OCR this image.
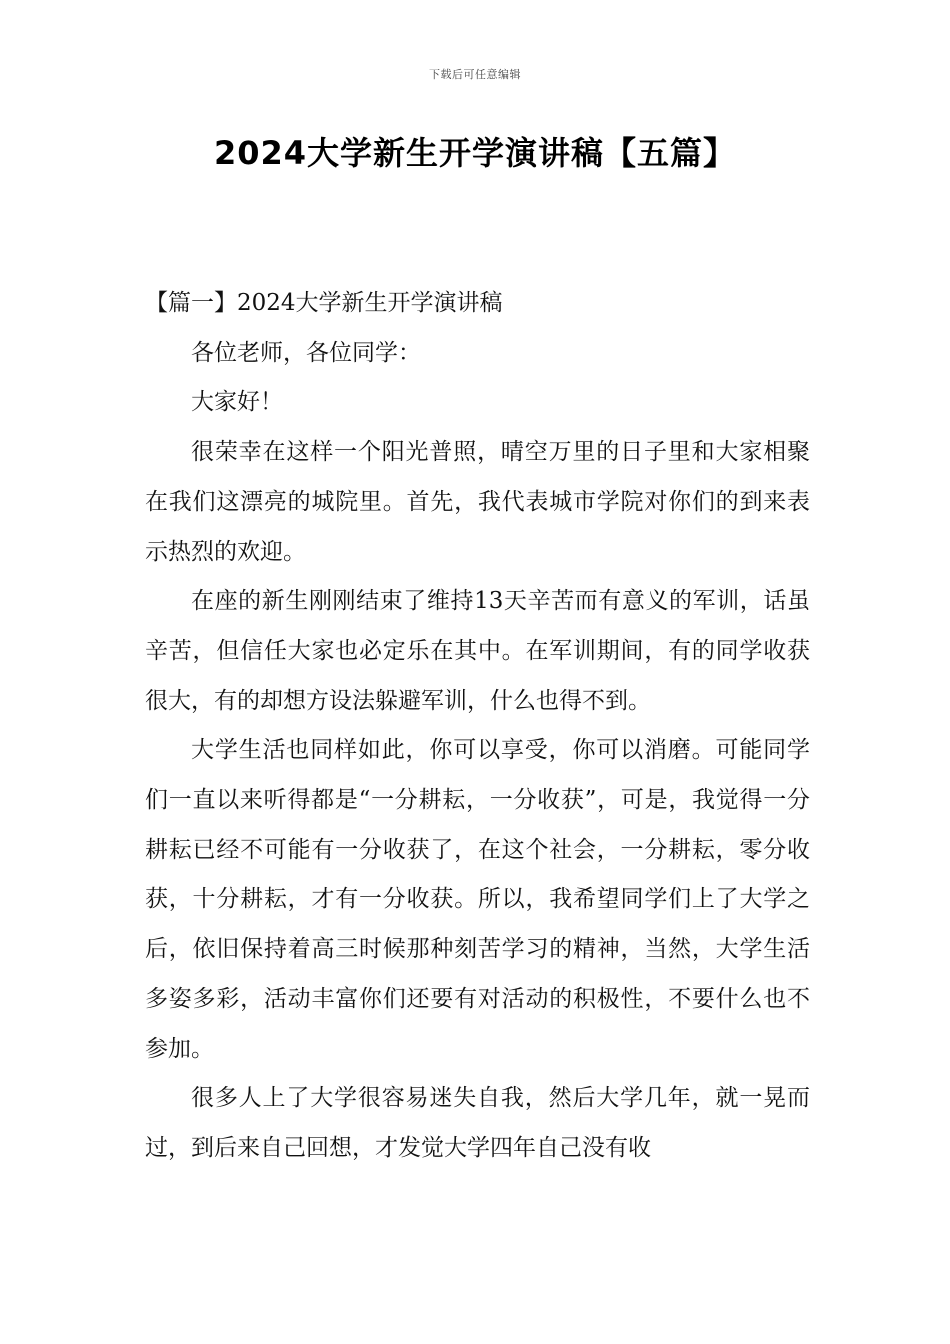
下载后可任意编辑
2024大学新生开学演讲稿【五篇】

【篇一】2024大学新生开学演讲稿

各位老师，各位同学：

大家好！

很荣幸在这样一个阳光普照，晴空万里的日子里和大家相聚在我们这漂亮的城院里。首先，我代表城市学院对你们的到来表示热烈的欢迎。

在座的新生刚刚结束了维持13天辛苦而有意义的军训，话虽辛苦，但信任大家也必定乐在其中。在军训期间，有的同学收获很大，有的却想方设法躲避军训，什么也得不到。

大学生活也同样如此，你可以享受，你可以消磨。可能同学们一直以来听得都是“一分耕耘，一分收获”，可是，我觉得一分耕耘已经不可能有一分收获了，在这个社会，一分耕耘，零分收获，十分耕耘，才有一分收获。所以，我希望同学们上了大学之后，依旧保持着高三时候那种刻苦学习的精神，当然，大学生活多姿多彩，活动丰富你们还要有对活动的积极性，不要什么也不参加。

很多人上了大学很容易迷失自我，然后大学几年，就一晃而过，到后来自己回想，才发觉大学四年自己没有收
